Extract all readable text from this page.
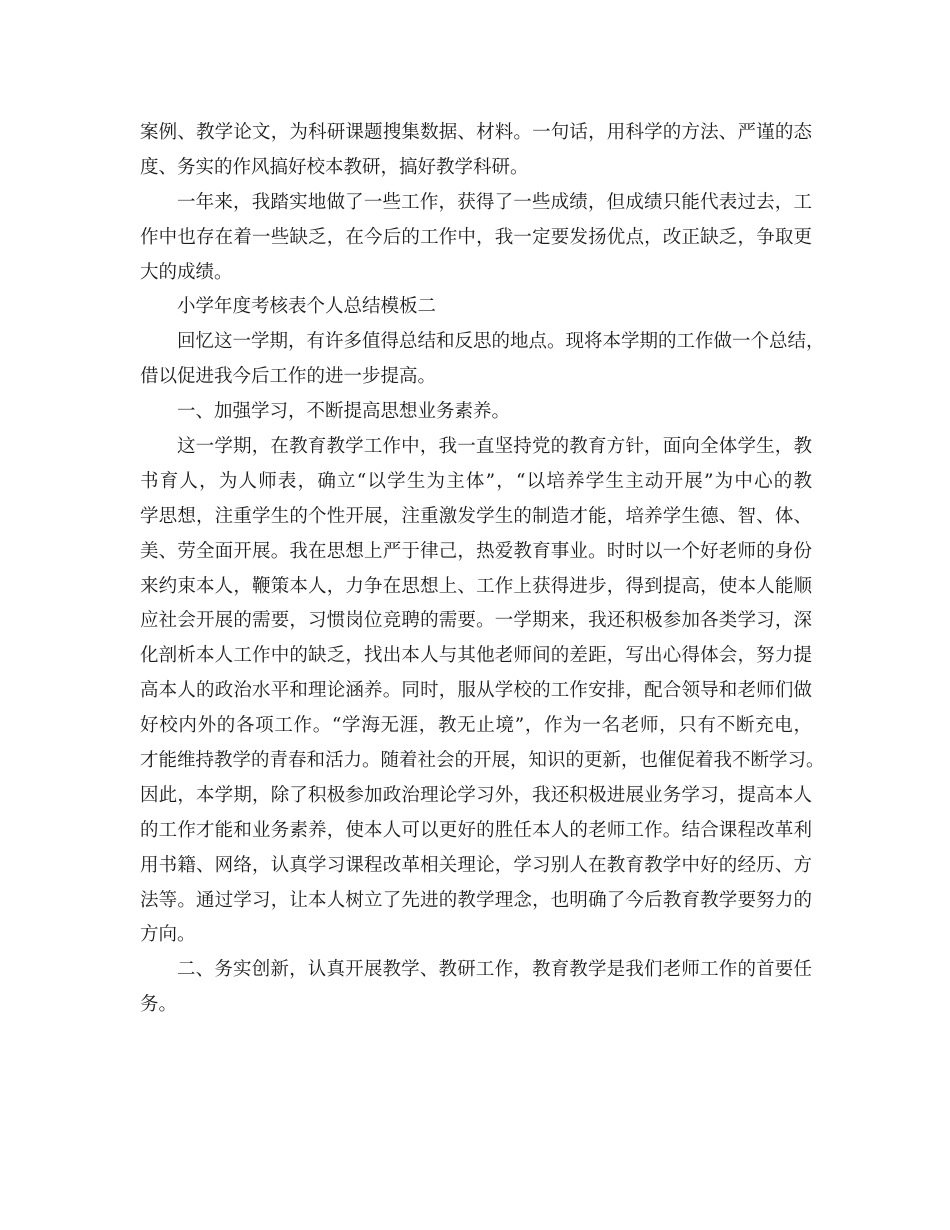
案例、教学论文，为科研课题搜集数据、材料。一句话，用科学的方法、严谨的态
度、务实的作风搞好校本教研，搞好教学科研。
一年来，我踏实地做了一些工作，获得了一些成绩，但成绩只能代表过去，工
作中也存在着一些缺乏，在今后的工作中，我一定要发扬优点，改正缺乏，争取更
大的成绩。
小学年度考核表个人总结模板二
回忆这一学期，有许多值得总结和反思的地点。现将本学期的工作做一个总结，
借以促进我今后工作的进一步提高。
一、加强学习，不断提高思想业务素养。
这一学期，在教育教学工作中，我一直坚持党的教育方针，面向全体学生，教
书育人，为人师表，确立“以学生为主体”，“以培养学生主动开展”为中心的教
学思想，注重学生的个性开展，注重激发学生的制造才能，培养学生德、智、体、
美、劳全面开展。我在思想上严于律己，热爱教育事业。时时以一个好老师的身份
来约束本人，鞭策本人，力争在思想上、工作上获得进步，得到提高，使本人能顺
应社会开展的需要，习惯岗位竞聘的需要。一学期来，我还积极参加各类学习，深
化剖析本人工作中的缺乏，找出本人与其他老师间的差距，写出心得体会，努力提
高本人的政治水平和理论涵养。同时，服从学校的工作安排，配合领导和老师们做
好校内外的各项工作。“学海无涯，教无止境”，作为一名老师，只有不断充电，
才能维持教学的青春和活力。随着社会的开展，知识的更新，也催促着我不断学习。
因此，本学期，除了积极参加政治理论学习外，我还积极进展业务学习，提高本人
的工作才能和业务素养，使本人可以更好的胜任本人的老师工作。结合课程改革利
用书籍、网络，认真学习课程改革相关理论，学习别人在教育教学中好的经历、方
法等。通过学习，让本人树立了先进的教学理念，也明确了今后教育教学要努力的
方向。
二、务实创新，认真开展教学、教研工作，教育教学是我们老师工作的首要任
务。
